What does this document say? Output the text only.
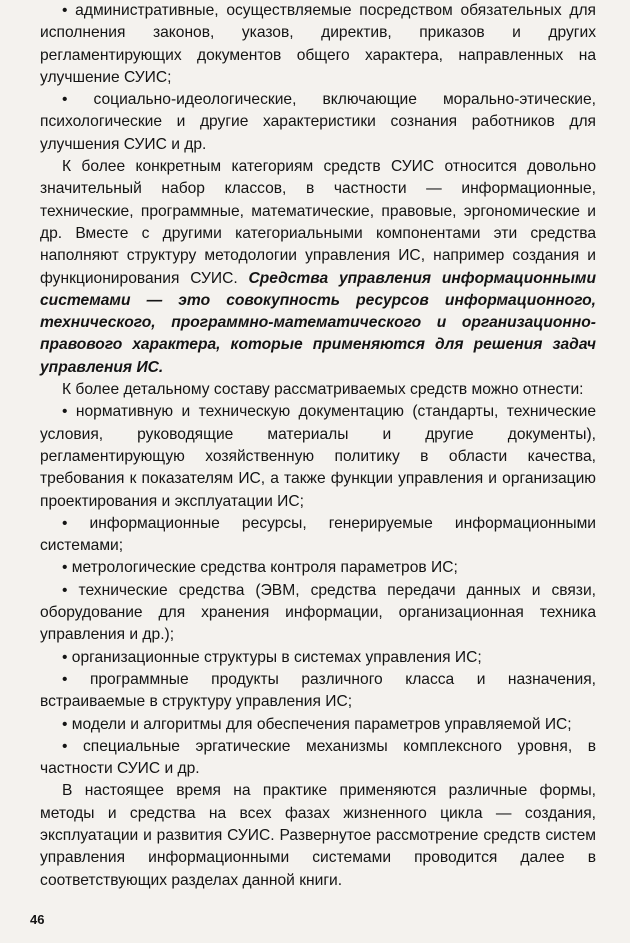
• административные, осуществляемые посредством обязательных для исполнения законов, указов, директив, приказов и других регламентирующих документов общего характера, направленных на улучшение СУИС;

• социально-идеологические, включающие морально-этические, психологические и другие характеристики сознания работников для улучшения СУИС и др.

К более конкретным категориям средств СУИС относится довольно значительный набор классов, в частности — информационные, технические, программные, математические, правовые, эргономические и др. Вместе с другими категориальными компонентами эти средства наполняют структуру методологии управления ИС, например создания и функционирования СУИС. Средства управления информационными системами — это совокупность ресурсов информационного, технического, программно-математического и организационно-правового характера, которые применяются для решения задач управления ИС.

К более детальному составу рассматриваемых средств можно отнести:

• нормативную и техническую документацию (стандарты, технические условия, руководящие материалы и другие документы), регламентирующую хозяйственную политику в области качества, требования к показателям ИС, а также функции управления и организацию проектирования и эксплуатации ИС;

• информационные ресурсы, генерируемые информационными системами;

• метрологические средства контроля параметров ИС;

• технические средства (ЭВМ, средства передачи данных и связи, оборудование для хранения информации, организационная техника управления и др.);

• организационные структуры в системах управления ИС;

• программные продукты различного класса и назначения, встраиваемые в структуру управления ИС;

• модели и алгоритмы для обеспечения параметров управляемой ИС;

• специальные эргатические механизмы комплексного уровня, в частности СУИС и др.

В настоящее время на практике применяются различные формы, методы и средства на всех фазах жизненного цикла — создания, эксплуатации и развития СУИС. Развернутое рассмотрение средств систем управления информационными системами проводится далее в соответствующих разделах данной книги.

46
